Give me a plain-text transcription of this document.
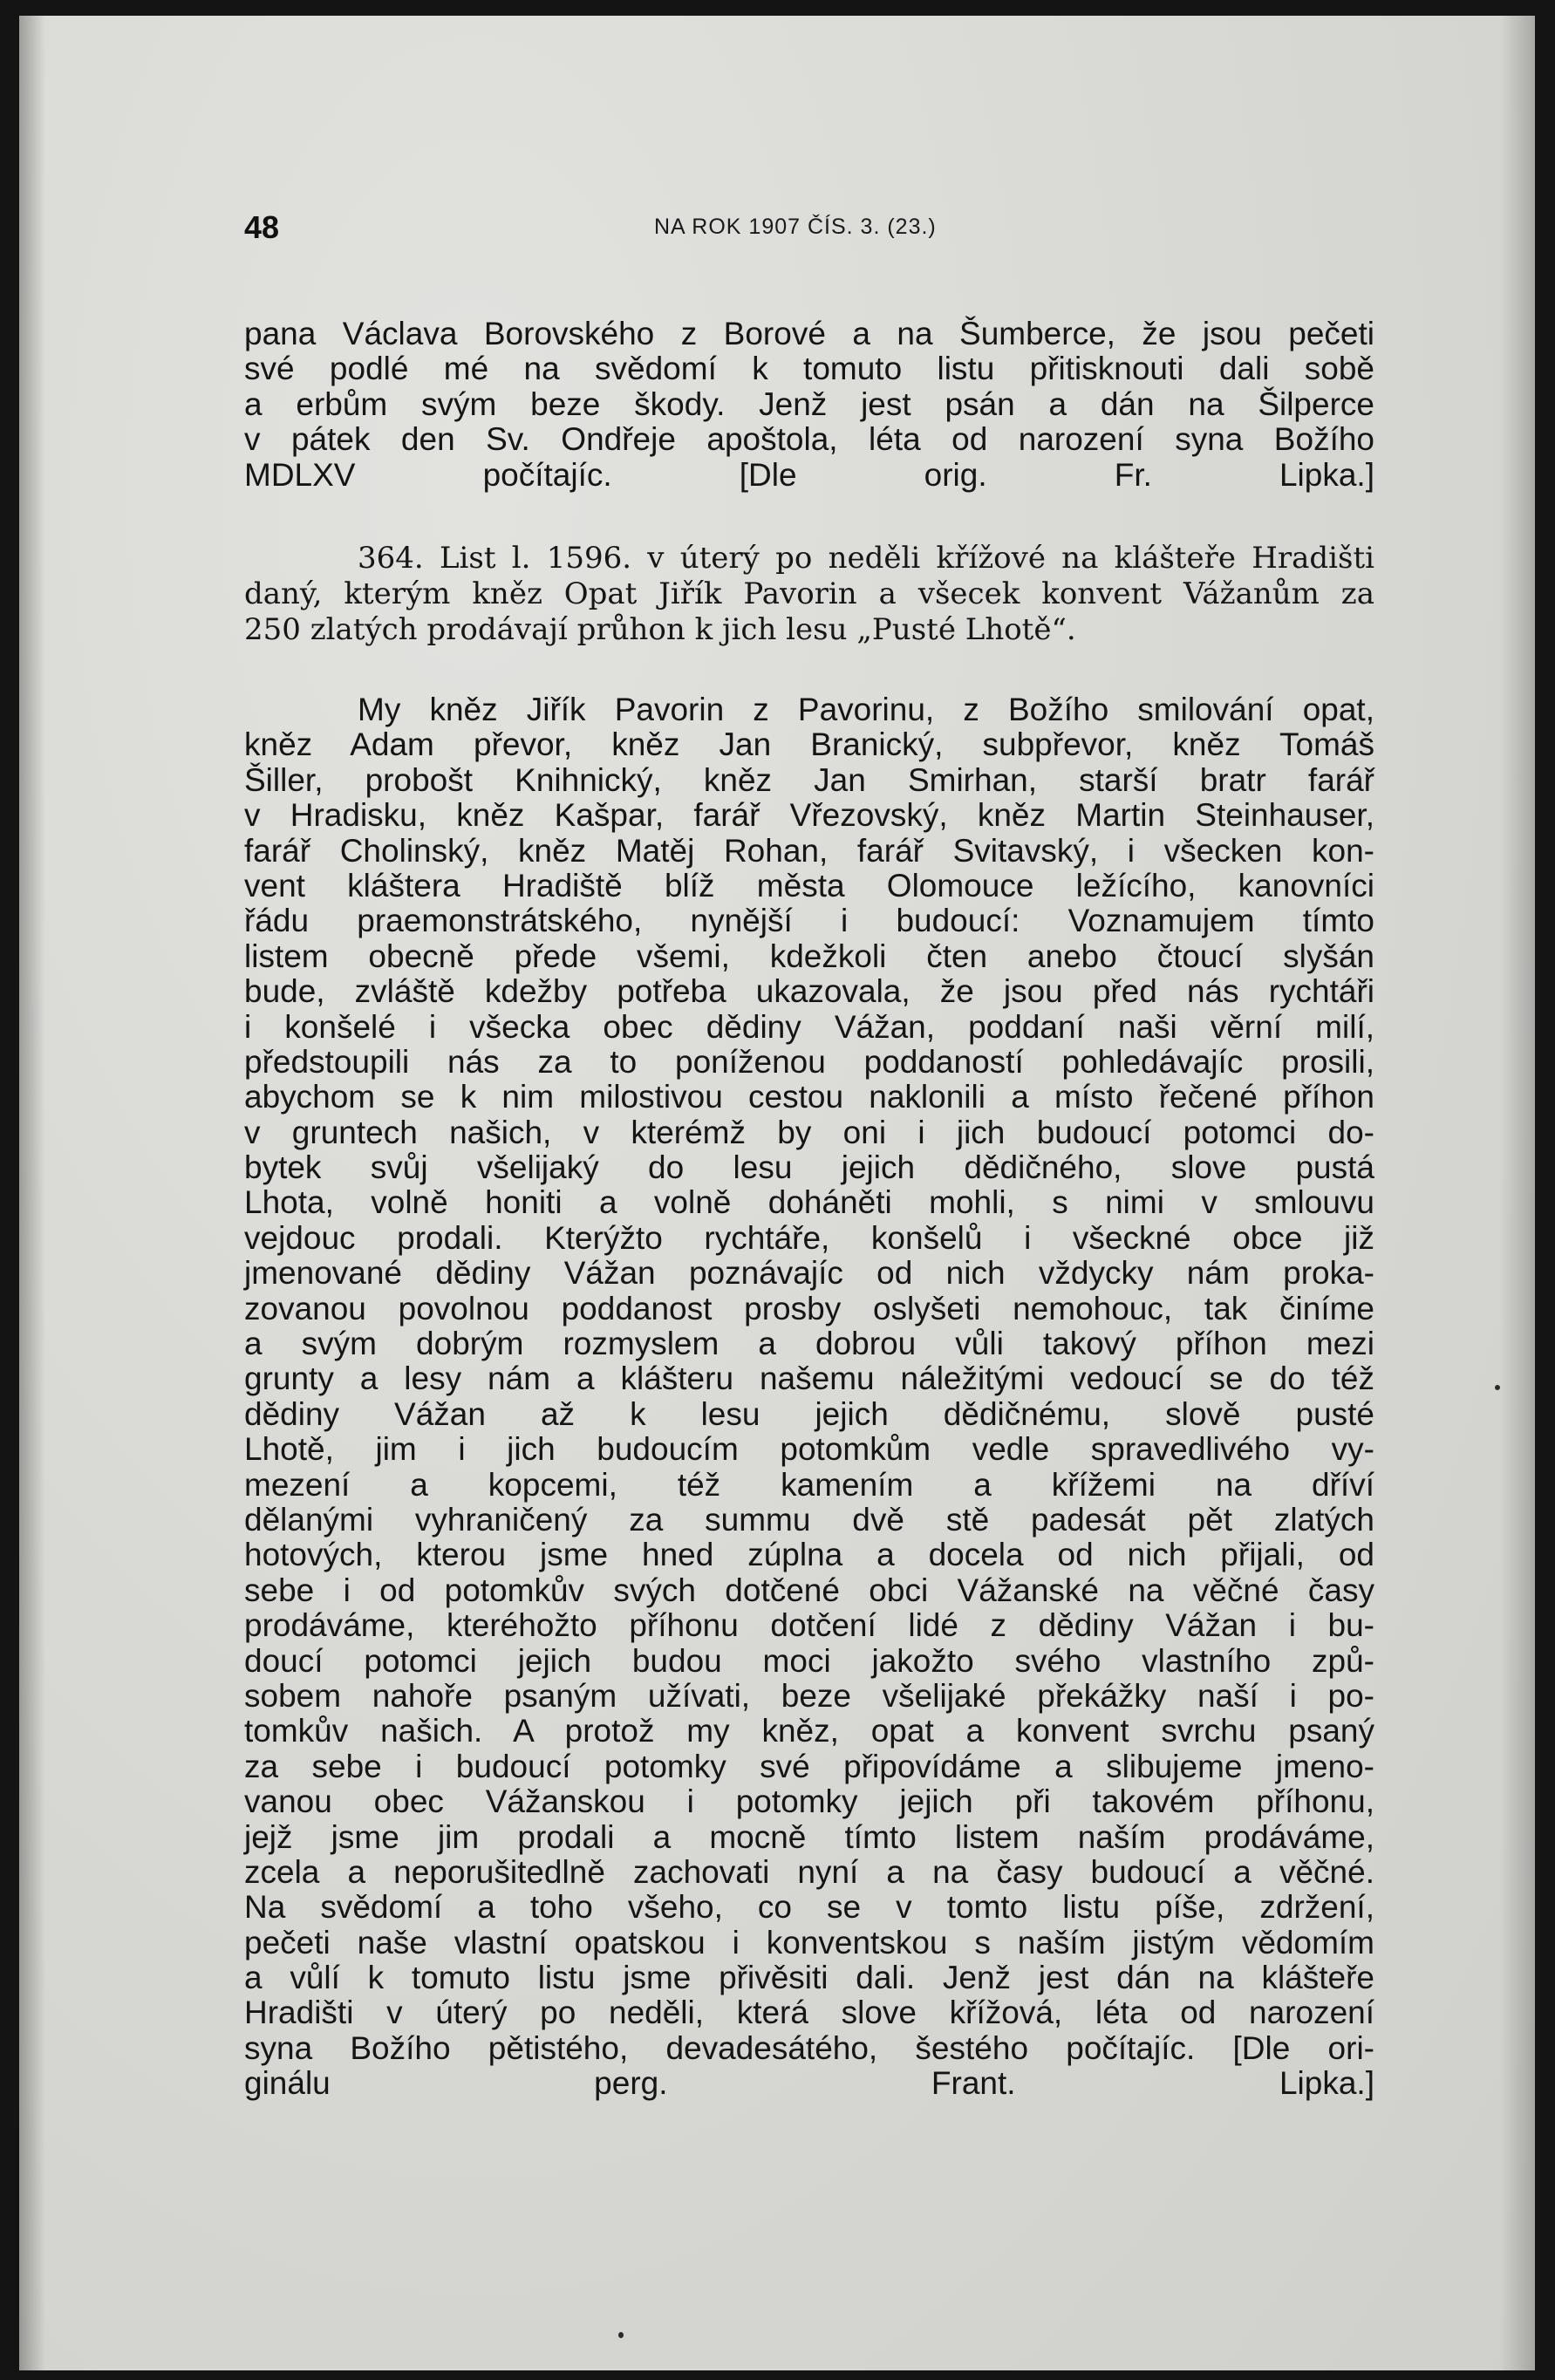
48	NA ROK 1907 ČÍS. 3. (23.)
pana Václava Borovského z Borové a na Šumberce, že jsou pečeti
své podlé mé na svědomí k tomuto listu přitisknouti dali sobě
a erbům svým beze škody. Jenž jest psán a dán na Šilperce
v pátek den Sv. Ondřeje apoštola, léta od narození syna Božího
MDLXV počítajíc. [Dle orig. Fr. Lipka.]
364. List l. 1596. v úterý po neděli křížové na klášteře Hradišti
daný, kterým kněz Opat Jiřík Pavorin a všecek konvent Vážanům za
250 zlatých prodávají průhon k jich lesu „Pusté Lhotě“.
My kněz Jiřík Pavorin z Pavorinu, z Božího smilování opat,
kněz Adam převor, kněz Jan Branický, subpřevor, kněz Tomáš
Šiller, probošt Knihnický, kněz Jan Smirhan, starší bratr farář
v Hradisku, kněz Kašpar, farář Vřezovský, kněz Martin Steinhauser,
farář Cholinský, kněz Matěj Rohan, farář Svitavský, i všecken kon-
vent kláštera Hradiště blíž města Olomouce ležícího, kanovníci
řádu praemonstrátského, nynější i budoucí: Voznamujem tímto
listem obecně přede všemi, kdežkoli čten anebo čtoucí slyšán
bude, zvláště kdežby potřeba ukazovala, že jsou před nás rychtáři
i konšelé i všecka obec dědiny Vážan, poddaní naši věrní milí,
předstoupili nás za to poníženou poddaností pohledávajíc prosili,
abychom se k nim milostivou cestou naklonili a místo řečené příhon
v gruntech našich, v kterémž by oni i jich budoucí potomci do-
bytek svůj všelijaký do lesu jejich dědičného, slove pustá
Lhota, volně honiti a volně doháněti mohli, s nimi v smlouvu
vejdouc prodali. Kterýžto rychtáře, konšelů i všeckné obce již
jmenované dědiny Vážan poznávajíc od nich vždycky nám proka-
zovanou povolnou poddanost prosby oslyšeti nemohouc, tak činíme
a svým dobrým rozmyslem a dobrou vůli takový příhon mezi
grunty a lesy nám a klášteru našemu náležitými vedoucí se do též
dědiny Vážan až k lesu jejich dědičnému, slově pusté
Lhotě, jim i jich budoucím potomkům vedle spravedlivého vy-
mezení a kopcemi, též kamením a křížemi na dříví
dělanými vyhraničený za summu dvě stě padesát pět zlatých
hotových, kterou jsme hned zúplna a docela od nich přijali, od
sebe i od potomkův svých dotčené obci Vážanské na věčné časy
prodáváme, kteréhožto příhonu dotčení lidé z dědiny Vážan i bu-
doucí potomci jejich budou moci jakožto svého vlastního způ-
sobem nahoře psaným užívati, beze všelijaké překážky naší i po-
tomkův našich. A protož my kněz, opat a konvent svrchu psaný
za sebe i budoucí potomky své připovídáme a slibujeme jmeno-
vanou obec Vážanskou i potomky jejich při takovém příhonu,
jejž jsme jim prodali a mocně tímto listem naším prodáváme,
zcela a neporušitedlně zachovati nyní a na časy budoucí a věčné.
Na svědomí a toho všeho, co se v tomto listu píše, zdržení,
pečeti naše vlastní opatskou i konventskou s naším jistým vědomím
a vůlí k tomuto listu jsme přivěsiti dali. Jenž jest dán na klášteře
Hradišti v úterý po neděli, která slove křížová, léta od narození
syna Božího pětistého, devadesátého, šestého počítajíc. [Dle ori-
ginálu perg. Frant. Lipka.]
